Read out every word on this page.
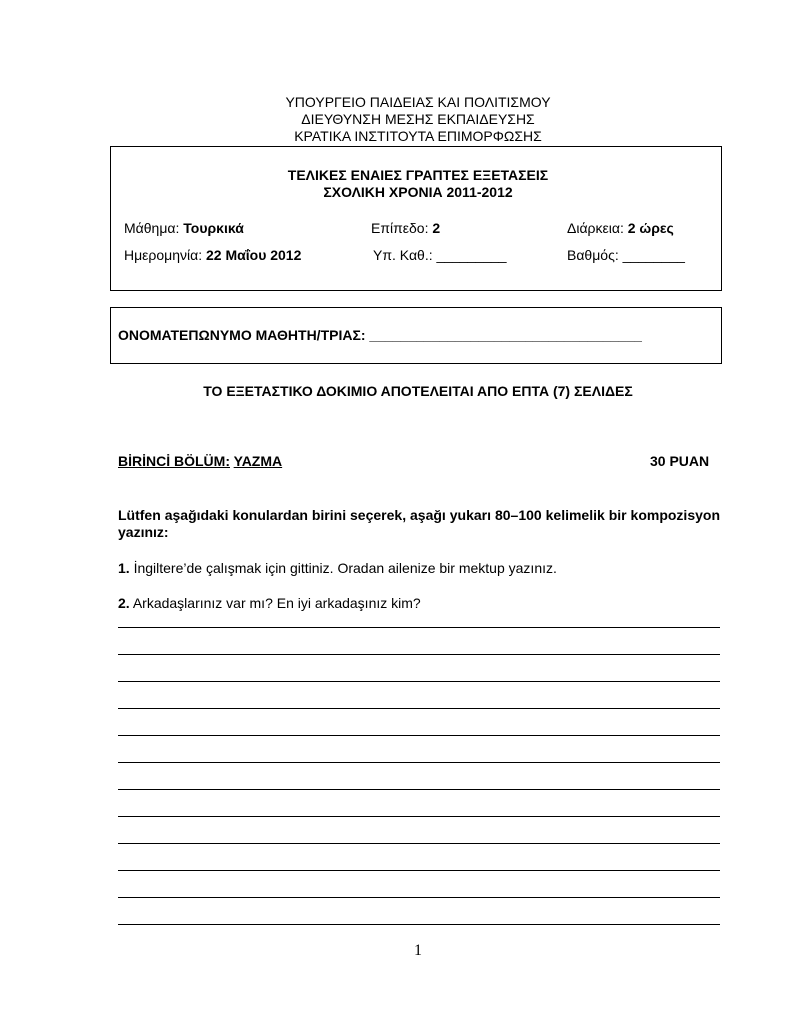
ΥΠΟΥΡΓΕΙΟ ΠΑΙΔΕΙΑΣ ΚΑΙ ΠΟΛΙΤΙΣΜΟΥ
ΔΙΕΥΘΥΝΣΗ ΜΕΣΗΣ ΕΚΠΑΙΔΕΥΣΗΣ
ΚΡΑΤΙΚΑ ΙΝΣΤΙΤΟΥΤΑ ΕΠΙΜΟΡΦΩΣΗΣ
ΤΕΛΙΚΕΣ ΕΝΑΙΕΣ ΓΡΑΠΤΕΣ ΕΞΕΤΑΣΕΙΣ
ΣΧΟΛΙΚΗ ΧΡΟΝΙΑ 2011-2012
Μάθημα: Τουρκικά	Επίπεδο: 2	Διάρκεια: 2 ώρες
Ημερομηνία: 22 Μαΐου 2012	Υπ. Καθ.: _________	Βαθμός: ________
ΟΝΟΜΑΤΕΠΩΝΥΜΟ ΜΑΘΗΤΗ/ΤΡΙΑΣ: ___________________________________
ΤΟ ΕΞΕΤΑΣΤΙΚΟ ΔΟΚΙΜΙΟ ΑΠΟΤΕΛΕΙΤΑΙ ΑΠΟ ΕΠΤΑ (7) ΣΕΛΙΔΕΣ
BİRİNCİ BÖLÜM: YAZMA	30 PUAN
Lütfen aşağıdaki konulardan birini seçerek, aşağı yukarı 80–100 kelimelik bir kompozisyon yazınız:
1. İngiltere’de çalışmak için gittiniz. Oradan ailenize bir mektup yazınız.
2. Arkadaşlarınız var mı? En iyi arkadaşınız kim?
1
